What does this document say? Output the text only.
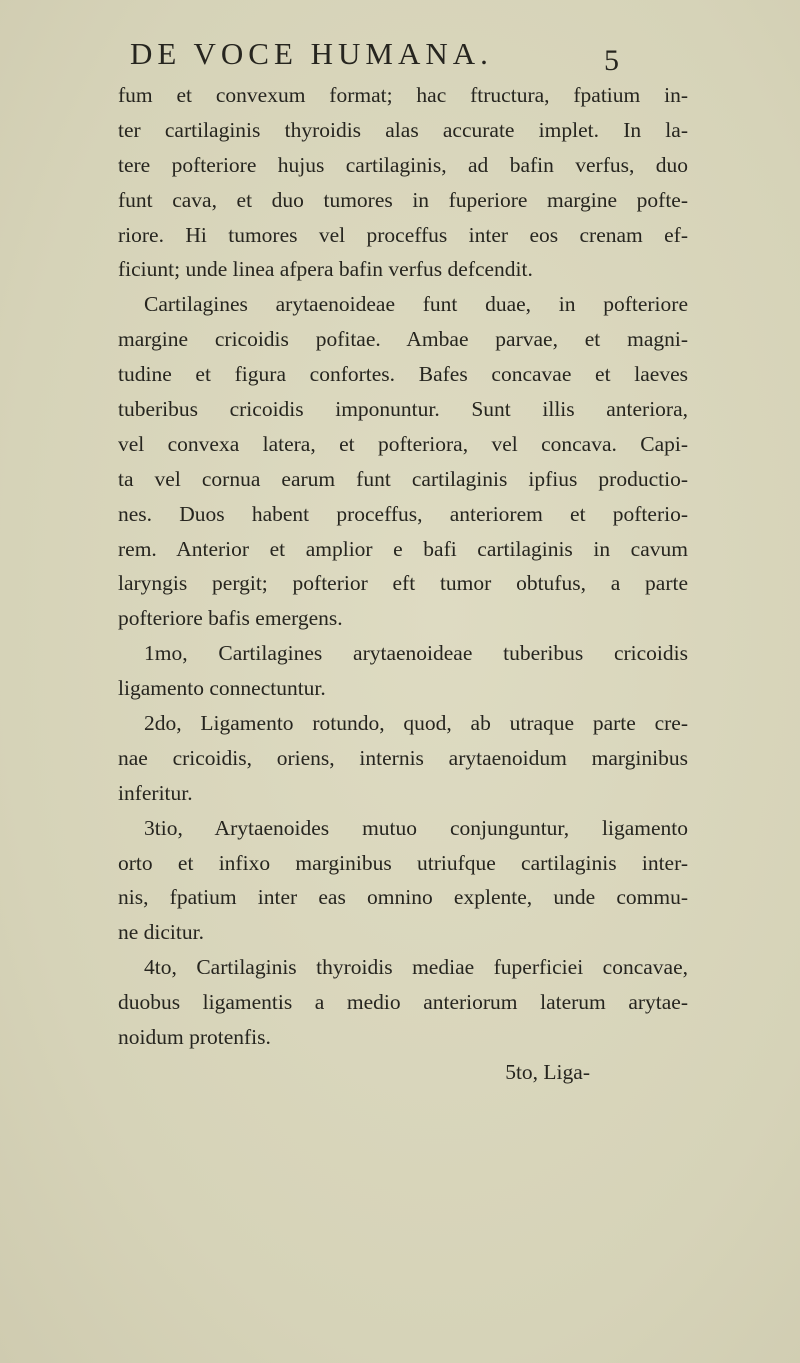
DE VOCE HUMANA.	5
fum et convexum format; hac ftructura, fpatium in-
ter cartilaginis thyroidis alas accurate implet. In la-
tere pofteriore hujus cartilaginis, ad bafin verfus, duo
funt cava, et duo tumores in fuperiore margine pofte-
riore. Hi tumores vel proceffus inter eos crenam ef-
ficiunt; unde linea afpera bafin verfus defcendit.
Cartilagines arytaenoideae funt duae, in pofteriore
margine cricoidis pofitae. Ambae parvae, et magni-
tudine et figura confortes. Bafes concavae et laeves
tuberibus cricoidis imponuntur. Sunt illis anteriora,
vel convexa latera, et pofteriora, vel concava. Capi-
ta vel cornua earum funt cartilaginis ipfius productio-
nes. Duos habent proceffus, anteriorem et pofterio-
rem. Anterior et amplior e bafi cartilaginis in cavum
laryngis pergit; pofterior eft tumor obtufus, a parte
pofteriore bafis emergens.
1mo, Cartilagines arytaenoideae tuberibus cricoidis
ligamento connectuntur.
2do, Ligamento rotundo, quod, ab utraque parte cre-
nae cricoidis, oriens, internis arytaenoidum marginibus
inferitur.
3tio, Arytaenoides mutuo conjunguntur, ligamento
orto et infixo marginibus utriufque cartilaginis inter-
nis, fpatium inter eas omnino explente, unde commu-
ne dicitur.
4to, Cartilaginis thyroidis mediae fuperficiei concavae,
duobus ligamentis a medio anteriorum laterum arytae-
noidum protenfis.
5to, Liga-
